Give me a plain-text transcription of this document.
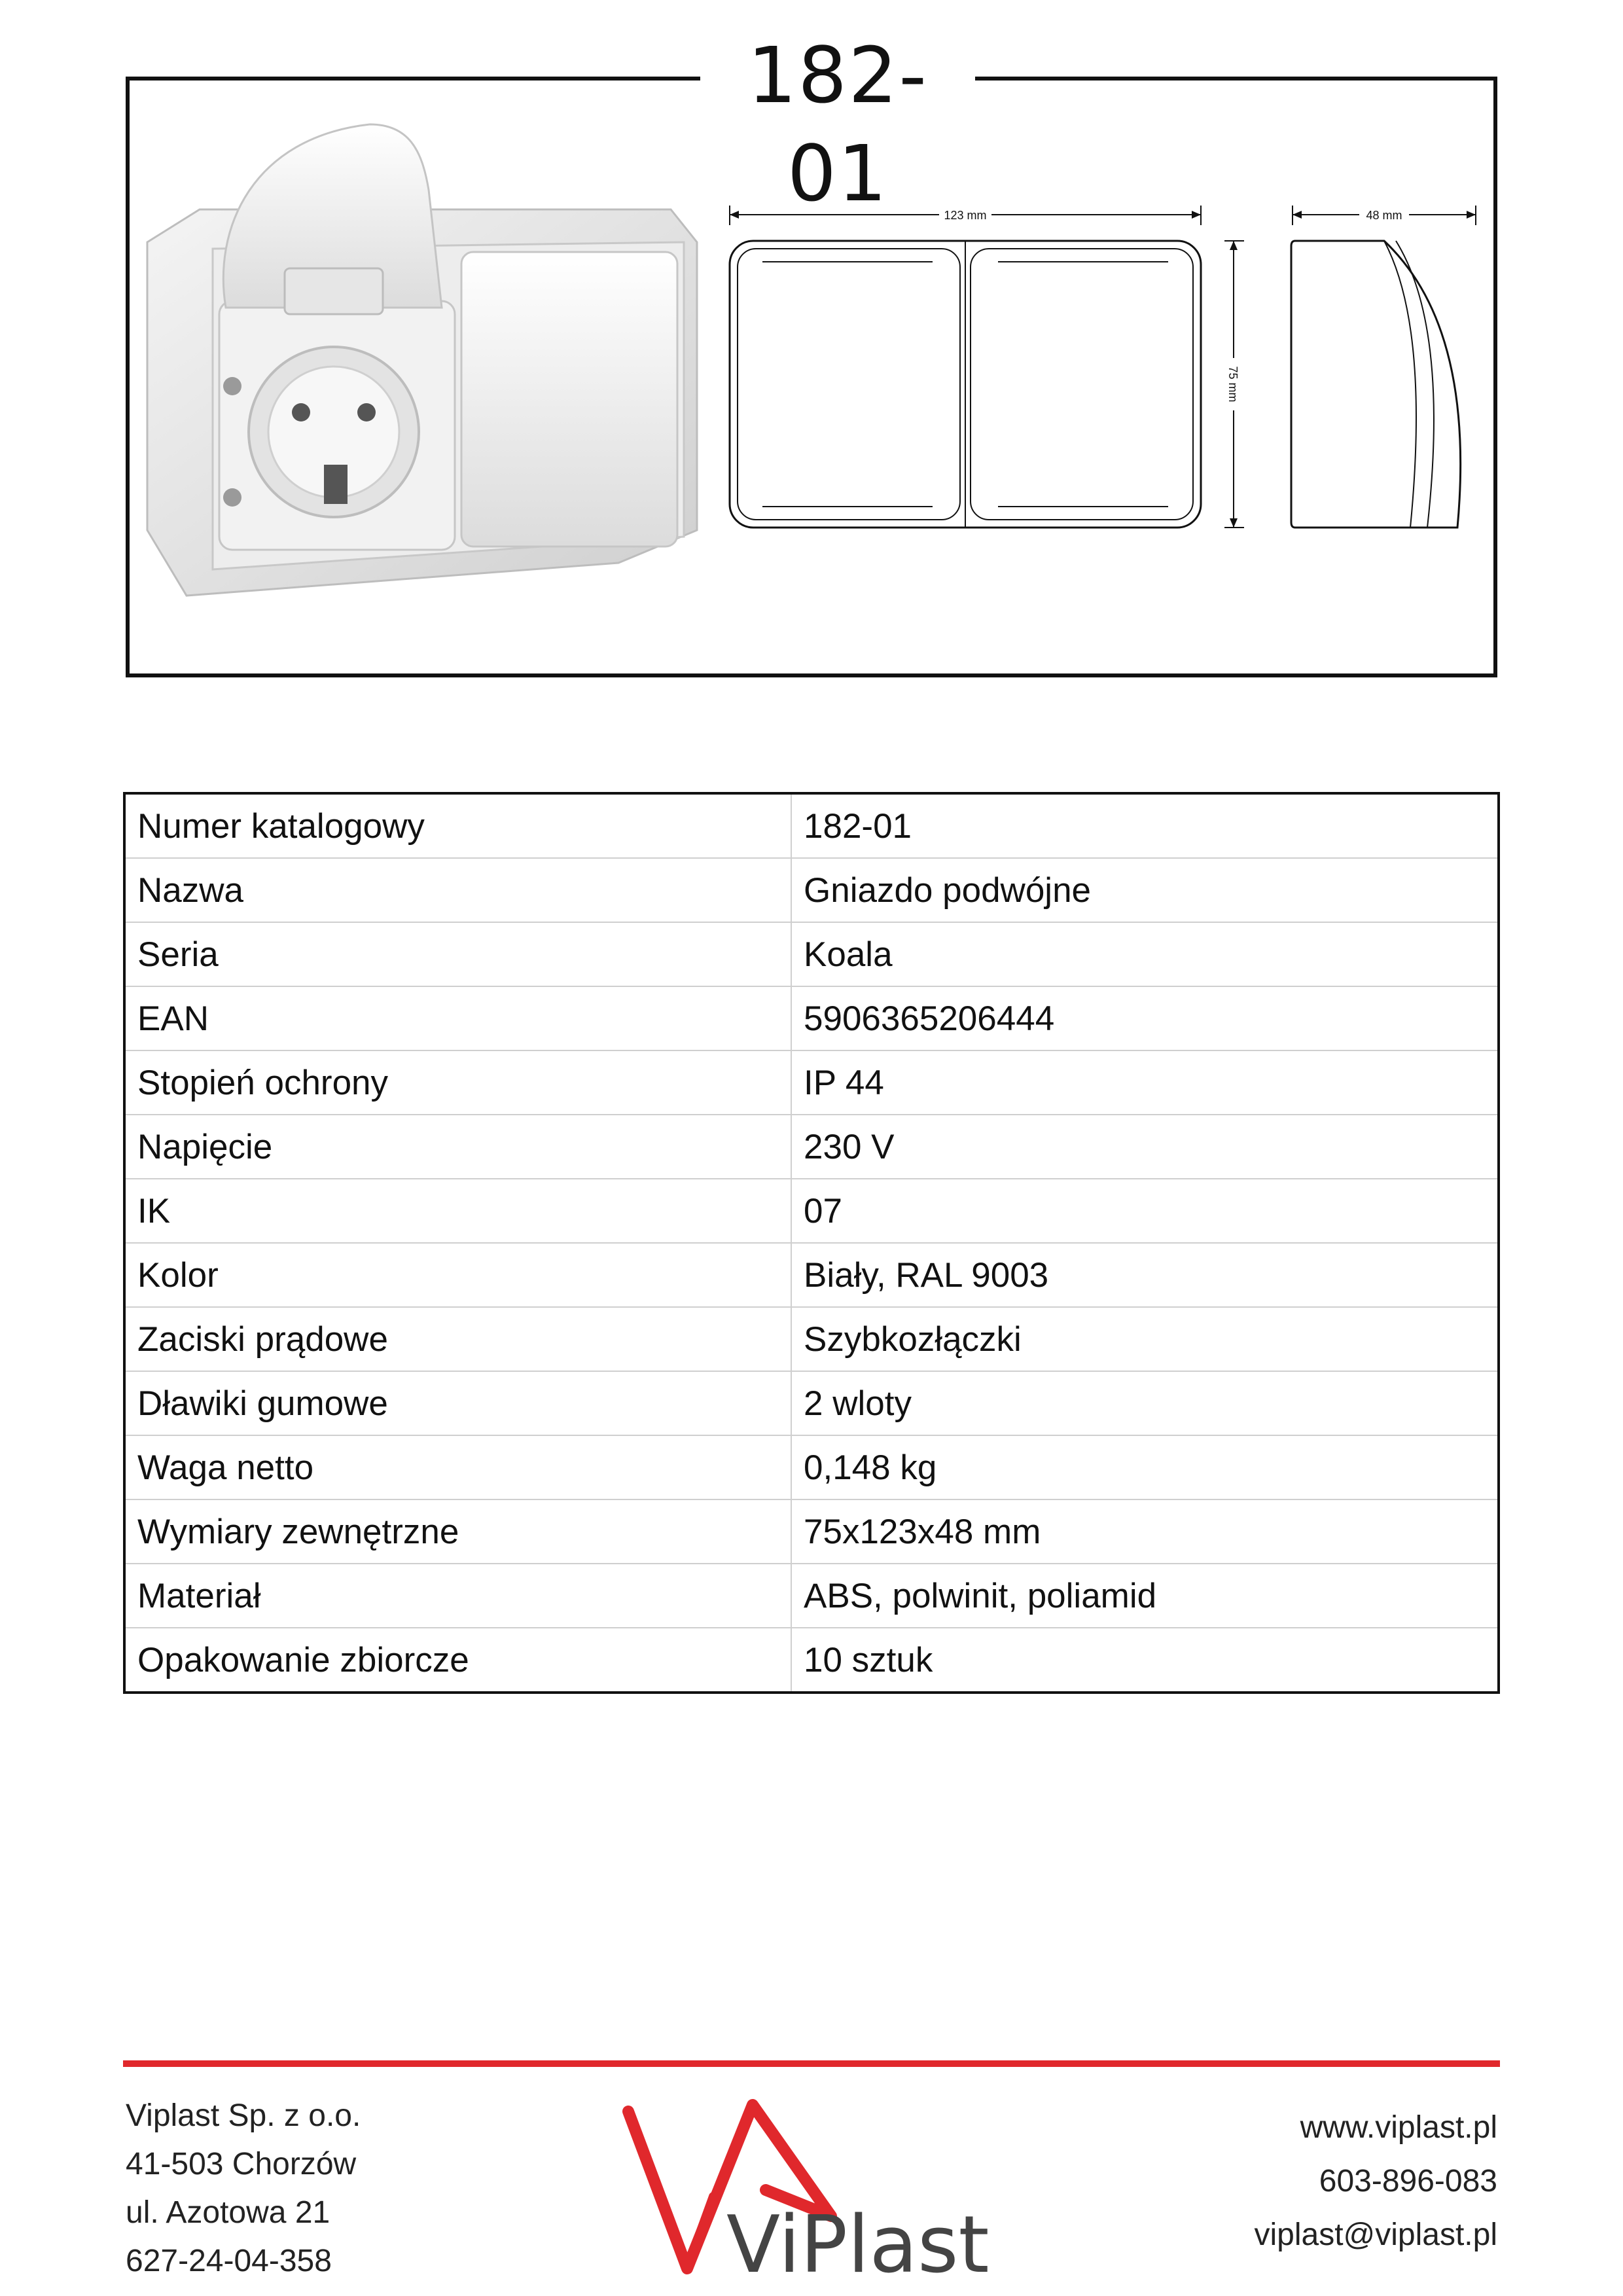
182-01	123 mm
75 mm
48 mm
Numer katalogowy	182-01
Nazwa	Gniazdo podwójne
Seria	Koala
EAN	5906365206444
Stopień ochrony	IP 44
Napięcie	230 V
IK	07
Kolor	Biały, RAL 9003
Zaciski prądowe	Szybkozłączki
Dławiki gumowe	2 wloty
Waga netto	0,148 kg
Wymiary zewnętrzne	75x123x48 mm
Materiał	ABS, polwinit, poliamid
Opakowanie zbiorcze	10 sztuk
Viplast Sp. z o.o.
41-503 Chorzów
ul. Azotowa 21
627-24-04-358	ViPlast
www.viplast.pl
603-896-083
viplast@viplast.pl
